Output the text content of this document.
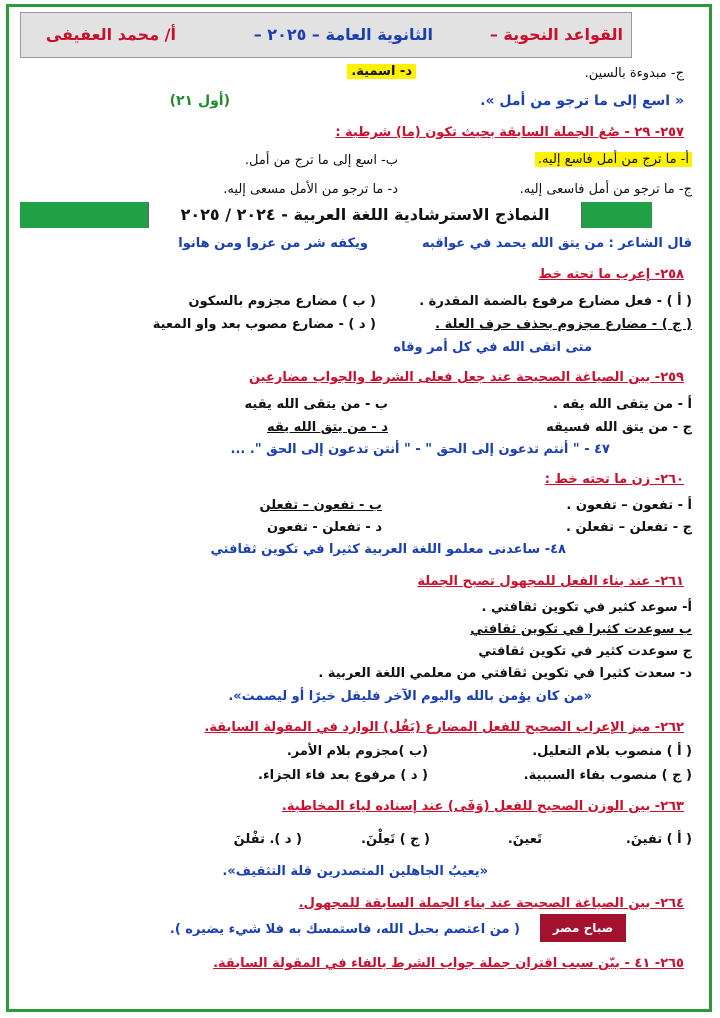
القواعد النحوية –
الثانوية العامة – ٢٠٢٥ –
أ/ محمد العفيفى
ج- مبدوءة بالسين.
د- اسمية.
« اسع إلى ما ترجو من أمل ».
(أول ٢١)
٢٥٧- ٢٩ - صُغ الجملة السابقة بحيث تكون (ما) شرطية :
أ- ما ترج من أمل فاسع إليه.
ب- اسع إلى ما ترج من أمل.
ج- ما ترجو من أمل فاسعى إليه.
د- ما ترجو من الأمل مسعى إليه.
النماذج الاسترشادية اللغة العربية - ٢٠٢٤ / ٢٠٢٥
قال الشاعر : من يتق الله يحمد في عواقبه
ويكفه شر من عزوا ومن هانوا
٢٥٨- إعرب ما تحته خط
( أ ) - فعل مضارع مرفوع بالضمة المقدرة .
( ب ) مضارع مجزوم بالسكون
( ج ) - مضارع مجزوم بحذف حرف العلة .
( د ) - مضارع مصوب بعد واو المعية
متى اتقى الله في كل أمر وقاه
٢٥٩- بين الصياغة الصحيحة عند جعل فعلى الشرط والجواب مضارعين
أ - من يتقى الله يقه .
ب - من يتقى الله يقيه
ج - من يتق الله فسيقه
د - من يتق الله يقه
٤٧ - " أنتم تدعون إلى الحق " - " أنتن تدعون إلى الحق ". ...
٢٦٠- زن ما تحته خط :
أ - تفعون – تفعون .
ب - تفعون – تفعلن
ج - تفعلن – تفعلن .
د - تفعلن - تفعون
٤٨- ساعدنى معلمو اللغة العربية كثيرا في تكوين ثقافتي
٢٦١- عند بناء الفعل للمجهول تصبح الجملة
أ- سوعد كثير في تكوين ثقافتي .
ب سوعدت كثيرا في تكوين ثقافتي
ج سوعدت كثير في تكوين ثقافتي
د- سعدت كثيرا في تكوين ثقافتي من معلمي اللغة العربية .
«من كان يؤمن بالله واليوم الآخر فليقل خيرًا أو ليصمت».
٢٦٢- ميز الإعراب الصحيح للفعل المضارع (يَقُل) الوارد في المقولة السابقة.
( أ ) منصوب بلام التعليل.
(ب )مجزوم بلام الأمر.
( ج ) منصوب بفاء السببية.
( د ) مرفوع بعد فاء الجزاء.
٢٦٣- بين الوزن الصحيح للفعل (وَفَى) عند إسناده لياء المخاطبة.
( أ ) تفينَ.
تَعينَ.
( ج ) تَعِلْنَ.
( د ). تفْلنَ
«يعيبُ الجاهلين المتصدرين قلة التثقيف».
٢٦٤- بين الصياغة الصحيحة عند بناء الجملة السابقة للمجهول.
( من اعتصم بحبل الله، فاستمسك به فلا شيء يضيره ).
٢٦٥- ٤١ - بيّن سبب اقتران جملة جواب الشرط بالفاء في المقولة السابقة.
صباح مصر
